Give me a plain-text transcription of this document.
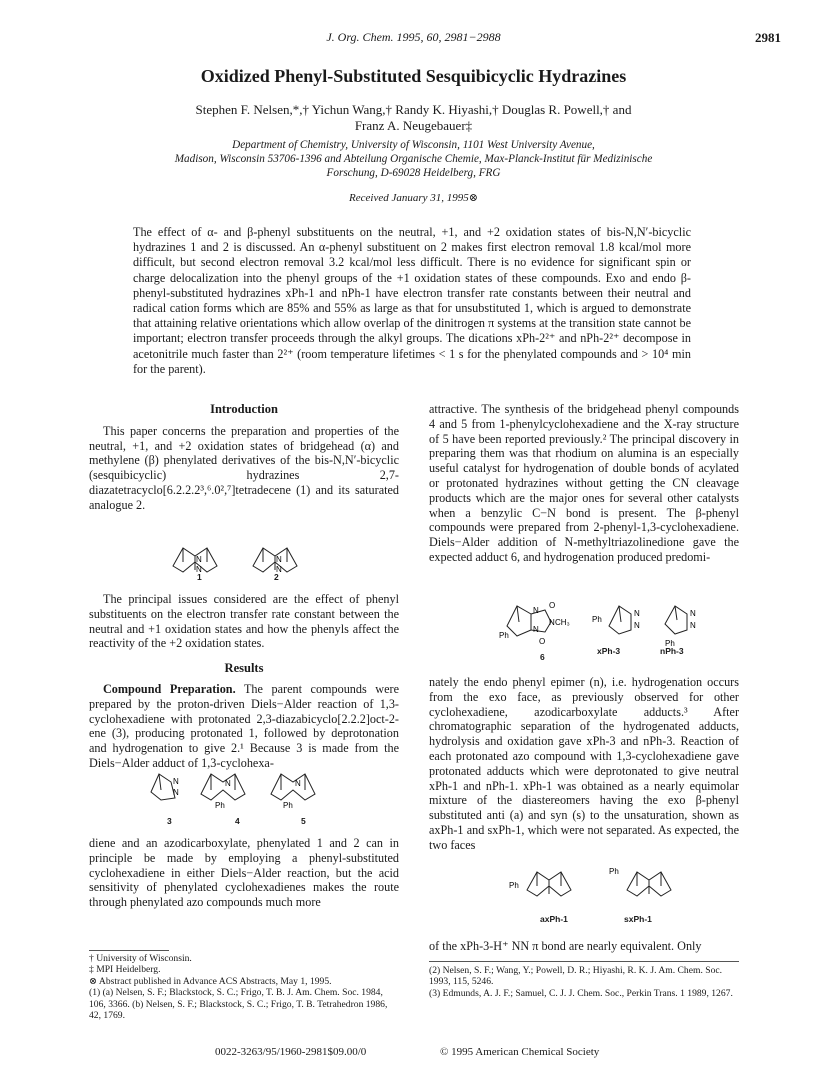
J. Org. Chem. 1995, 60, 2981−2988	2981
Oxidized Phenyl-Substituted Sesquibicyclic Hydrazines
Stephen F. Nelsen,*,† Yichun Wang,† Randy K. Hiyashi,† Douglas R. Powell,† and
Franz A. Neugebauer‡
Department of Chemistry, University of Wisconsin, 1101 West University Avenue,
Madison, Wisconsin 53706-1396 and Abteilung Organische Chemie, Max-Planck-Institut für Medizinische
Forschung, D-69028 Heidelberg, FRG
Received January 31, 1995⊗
The effect of α- and β-phenyl substituents on the neutral, +1, and +2 oxidation states of bis-N,N′-bicyclic hydrazines 1 and 2 is discussed. An α-phenyl substituent on 2 makes first electron removal 1.8 kcal/mol more difficult, but second electron removal 3.2 kcal/mol less difficult. There is no evidence for significant spin or charge delocalization into the phenyl groups of the +1 oxidation states of these compounds. Exo and endo β-phenyl-substituted hydrazines xPh-1 and nPh-1 have electron transfer rate constants between their neutral and radical cation forms which are 85% and 55% as large as that for unsubstituted 1, which is argued to demonstrate that attaining relative orientations which allow overlap of the dinitrogen π systems at the transition state cannot be important; electron transfer proceeds through the alkyl groups. The dications xPh-2²⁺ and nPh-2²⁺ decompose in acetonitrile much faster than 2²⁺ (room temperature lifetimes < 1 s for the phenylated compounds and > 10⁴ min for the parent).

Introduction

This paper concerns the preparation and properties of the neutral, +1, and +2 oxidation states of bridgehead (α) and methylene (β) phenylated derivatives of the bis-N,N′-bicyclic (sesquibicyclic) hydrazines 2,7-diazatetracyclo[6.2.2.2³,⁶.0²,⁷]tetradecene (1) and its saturated analogue 2.

N
N
N
N
1	2

The principal issues considered are the effect of phenyl substituents on the electron transfer rate constant between the neutral and +1 oxidation states and how the phenyls affect the reactivity of the +2 oxidation states.

Results

Compound Preparation. The parent compounds were prepared by the proton-driven Diels−Alder reaction of 1,3-cyclohexadiene with protonated 2,3-diazabicyclo[2.2.2]oct-2-ene (3), producing protonated 1, followed by deprotonation and hydrogenation to give 2.¹ Because 3 is made from the Diels−Alder adduct of 1,3-cyclohexa-

N
N
N
Ph
N
Ph
3	4	5

diene and an azodicarboxylate, phenylated 1 and 2 can in principle be made by employing a phenyl-substituted cyclohexadiene in either Diels−Alder reaction, but the acid sensitivity of phenylated cyclohexadienes makes the route through phenylated azo compounds much more

† University of Wisconsin.
‡ MPI Heidelberg.
⊗ Abstract published in Advance ACS Abstracts, May 1, 1995.
(1) (a) Nelsen, S. F.; Blackstock, S. C.; Frigo, T. B. J. Am. Chem. Soc. 1984, 106, 3366. (b) Nelsen, S. F.; Blackstock, S. C.; Frigo, T. B. Tetrahedron 1986, 42, 1769.

attractive. The synthesis of the bridgehead phenyl compounds 4 and 5 from 1-phenylcyclohexadiene and the X-ray structure of 5 have been reported previously.² The principal discovery in preparing them was that rhodium on alumina is an especially useful catalyst for hydrogenation of double bonds of acylated or protonated hydrazines without getting the CN cleavage products which are the major ones for several other catalysts when a benzylic C−N bond is present. The β-phenyl compounds were prepared from 2-phenyl-1,3-cyclohexadiene. Diels−Alder addition of N-methyltriazolinedione gave the expected adduct 6, and hydrogenation produced predomi-

N
O
N
N CH₃
O
Ph
Ph
N
N
N
N
Ph
6
xPh-3	nPh-3

nately the endo phenyl epimer (n), i.e. hydrogenation occurs from the exo face, as previously observed for other cyclohexadiene, azodicarboxylate adducts.³ After chromatographic separation of the hydrogenated adducts, hydrolysis and oxidation gave xPh-3 and nPh-3. Reaction of each protonated azo compound with 1,3-cyclohexadiene gave protonated adducts which were deprotonated to give neutral xPh-1 and nPh-1. xPh-1 was obtained as a nearly equimolar mixture of the diastereomers having the exo β-phenyl substituted anti (a) and syn (s) to the unsaturation, shown as axPh-1 and sxPh-1, which were not separated. As expected, the two faces

Ph
Ph
axPh-1	sxPh-1

of the xPh-3-H⁺ NN π bond are nearly equivalent. Only

(2) Nelsen, S. F.; Wang, Y.; Powell, D. R.; Hiyashi, R. K. J. Am. Chem. Soc. 1993, 115, 5246.
(3) Edmunds, A. J. F.; Samuel, C. J. J. Chem. Soc., Perkin Trans. 1 1989, 1267.
0022-3263/95/1960-2981$09.00/0	© 1995 American Chemical Society
